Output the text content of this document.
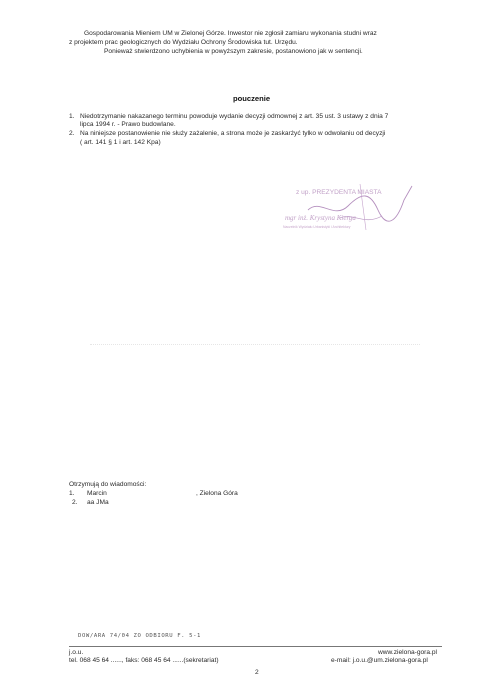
Gospodarowania Mieniem UM w Zielonej Górze. Inwestor nie zgłosił zamiaru wykonania studni wraz
z projektem prac geologicznych do Wydziału Ochrony Środowiska tut. Urzędu.
Ponieważ stwierdzono uchybienia w powyższym zakresie, postanowiono jak w sentencji.
pouczenie
1. Niedotrzymanie nakazanego terminu powoduje wydanie decyzji odmownej z art. 35 ust. 3 ustawy z dnia 7
lipca 1994 r. - Prawo budowlane.
2. Na niniejsze postanowienie nie służy zażalenie, a strona może je zaskarżyć tylko w odwołaniu od decyzji
( art. 141 § 1 i art. 142 Kpa)
z up. PREZYDENTA MIASTA
mgr inż. Krystyna Kierga
Naczelnik Wydziału Urbanistyki i Architektury
Otrzymują do wiadomości:
1. Marcin	, Zielona Góra
2. aa JMa
DOW/ARA 74/04 ZO ODBIORU F. 5-1
j.o.u.
tel. 068 45 64 ......, faks: 068 45 64 ......(sekretariat)
www.zielona-gora.pl
e-mail: j.o.u.@um.zielona-gora.pl
2
